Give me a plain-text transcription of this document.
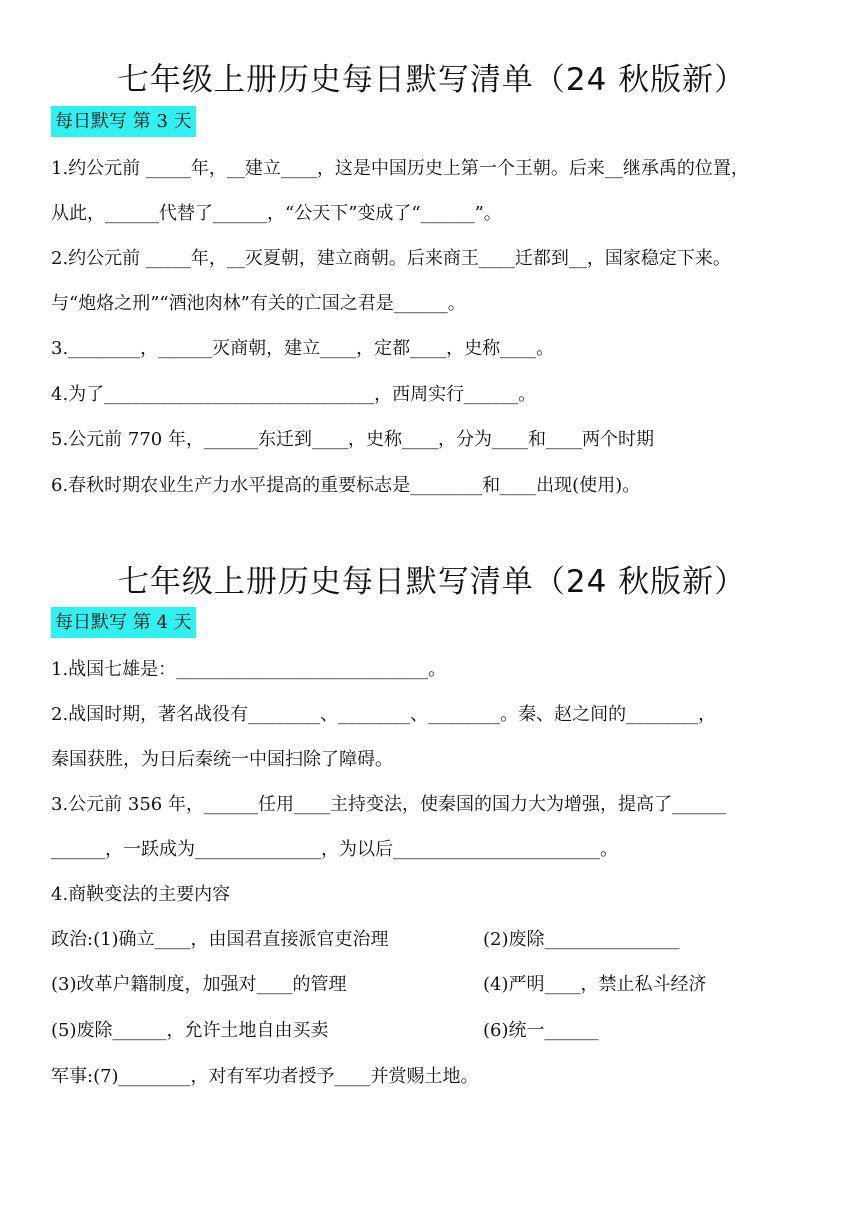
七年级上册历史每日默写清单（24 秋版新）
每日默写 第 3 天
1.约公元前 _____年，__建立____，这是中国历史上第一个王朝。后来__继承禹的位置，
从此，______代替了______，“公天下”变成了“______”。
2.约公元前 _____年，__灭夏朝，建立商朝。后来商王____迁都到__，国家稳定下来。
与“炮烙之刑”“酒池肉林”有关的亡国之君是______。
3.________，______灭商朝，建立____，定都____，史称____。
4.为了______________________________，西周实行______。
5.公元前 770 年，______东迁到____，史称____，分为____和____两个时期
6.春秋时期农业生产力水平提高的重要标志是________和____出现(使用)。
七年级上册历史每日默写清单（24 秋版新）
每日默写 第 4 天
1.战国七雄是：____________________________。
2.战国时期，著名战役有________、________、________。秦、赵之间的________，
秦国获胜，为日后秦统一中国扫除了障碍。
3.公元前 356 年，______任用____主持变法，使秦国的国力大为增强，提高了______
______，一跃成为______________，为以后_______________________。
4.商鞅变法的主要内容
政治:(1)确立____，由国君直接派官吏治理	(2)废除_______________
(3)改革户籍制度，加强对____的管理	(4)严明____，禁止私斗经济
(5)废除______，允许土地自由买卖	(6)统一______
军事:(7)________，对有军功者授予____并赏赐土地。
